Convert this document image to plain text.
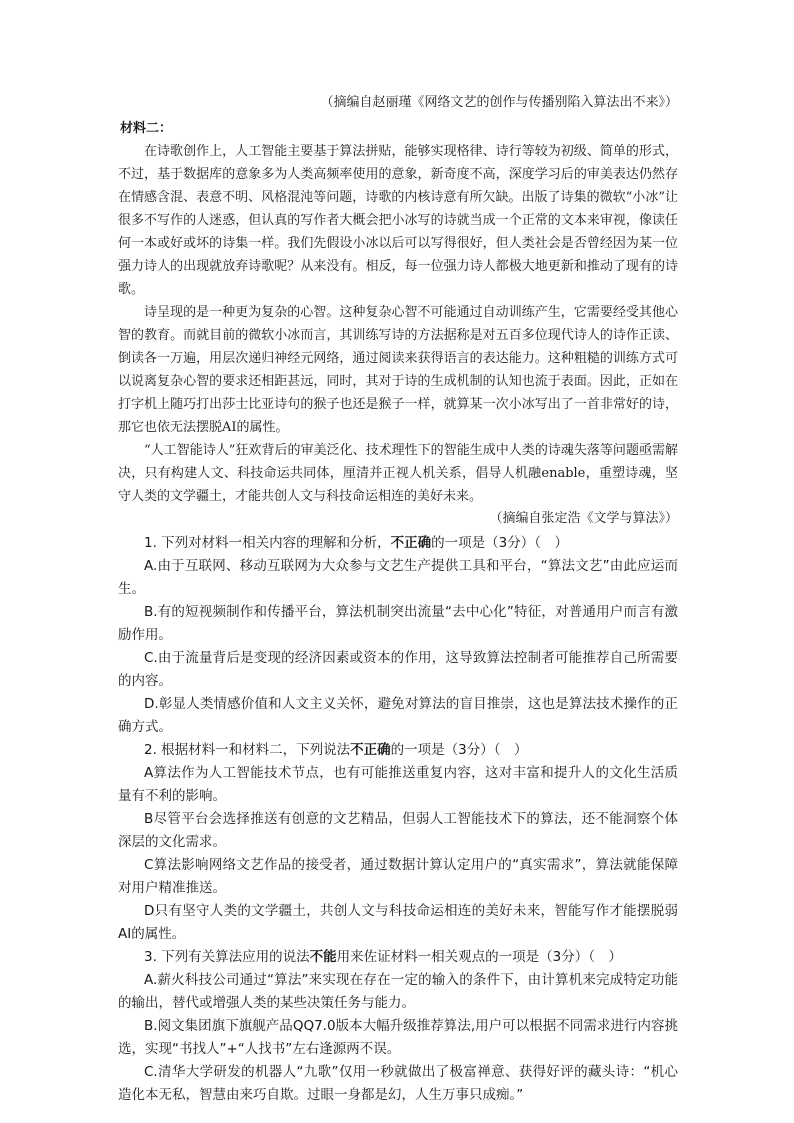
（摘编自赵丽瑾《网络文艺的创作与传播别陷入算法出不来》）

材料二：

在诗歌创作上，人工智能主要基于算法拼贴，能够实现格律、诗行等较为初级、简单的形式，不过，基于数据库的意象多为人类高频率使用的意象，新奇度不高，深度学习后的审美表达仍然存在情感含混、表意不明、风格混沌等问题，诗歌的内核诗意有所欠缺。出版了诗集的微软“小冰”让很多不写作的人迷惑，但认真的写作者大概会把小冰写的诗就当成一个正常的文本来审视，像读任何一本或好或坏的诗集一样。我们先假设小冰以后可以写得很好，但人类社会是否曾经因为某一位强力诗人的出现就放弃诗歌呢？从来没有。相反，每一位强力诗人都极大地更新和推动了现有的诗歌。

诗呈现的是一种更为复杂的心智。这种复杂心智不可能通过自动训练产生，它需要经受其他心智的教育。而就目前的微软小冰而言，其训练写诗的方法据称是对五百多位现代诗人的诗作正读、倒读各一万遍，用层次递归神经元网络，通过阅读来获得语言的表达能力。这种粗糙的训练方式可以说离复杂心智的要求还相距甚远，同时，其对于诗的生成机制的认知也流于表面。因此，正如在打字机上随巧打出莎士比亚诗句的猴子也还是猴子一样，就算某一次小冰写出了一首非常好的诗，那它也依无法摆脱AI的属性。

“人工智能诗人”狂欢背后的审美泛化、技术理性下的智能生成中人类的诗魂失落等问题亟需解决，只有构建人文、科技命运共同体，厘清并正视人机关系，倡导人机融enable，重塑诗魂，坚守人类的文学疆土，才能共创人文与科技命运相连的美好未来。

（摘编自张定浩《文学与算法》）

1. 下列对材料一相关内容的理解和分析，不正确的一项是（3分）（　）

A.由于互联网、移动互联网为大众参与文艺生产提供工具和平台，“算法文艺”由此应运而生。

B.有的短视频制作和传播平台，算法机制突出流量“去中心化”特征，对普通用户而言有激励作用。

C.由于流量背后是变现的经济因素或资本的作用，这导致算法控制者可能推荐自己所需要的内容。

D.彰显人类情感价值和人文主义关怀，避免对算法的盲目推崇，这也是算法技术操作的正确方式。

2. 根据材料一和材料二，下列说法不正确的一项是（3分）（　）

A算法作为人工智能技术节点，也有可能推送重复内容，这对丰富和提升人的文化生活质量有不利的影响。

B尽管平台会选择推送有创意的文艺精品，但弱人工智能技术下的算法，还不能洞察个体深层的文化需求。

C算法影响网络文艺作品的接受者，通过数据计算认定用户的“真实需求”，算法就能保障对用户精准推送。

D只有坚守人类的文学疆土，共创人文与科技命运相连的美好未来，智能写作才能摆脱弱AI的属性。

3. 下列有关算法应用的说法不能用来佐证材料一相关观点的一项是（3分）（　）

A.薪火科技公司通过“算法”来实现在存在一定的输入的条件下，由计算机来完成特定功能的输出，替代或增强人类的某些决策任务与能力。

B.阅文集团旗下旗舰产品QQ7.0版本大幅升级推荐算法,用户可以根据不同需求进行内容挑选，实现“书找人”+“人找书”左右逢源两不误。

C.清华大学研发的机器人“九歌”仅用一秒就做出了极富禅意、获得好评的藏头诗：“机心造化本无私，智慧由来巧自欺。过眼一身都是幻，人生万事只成痴。”
